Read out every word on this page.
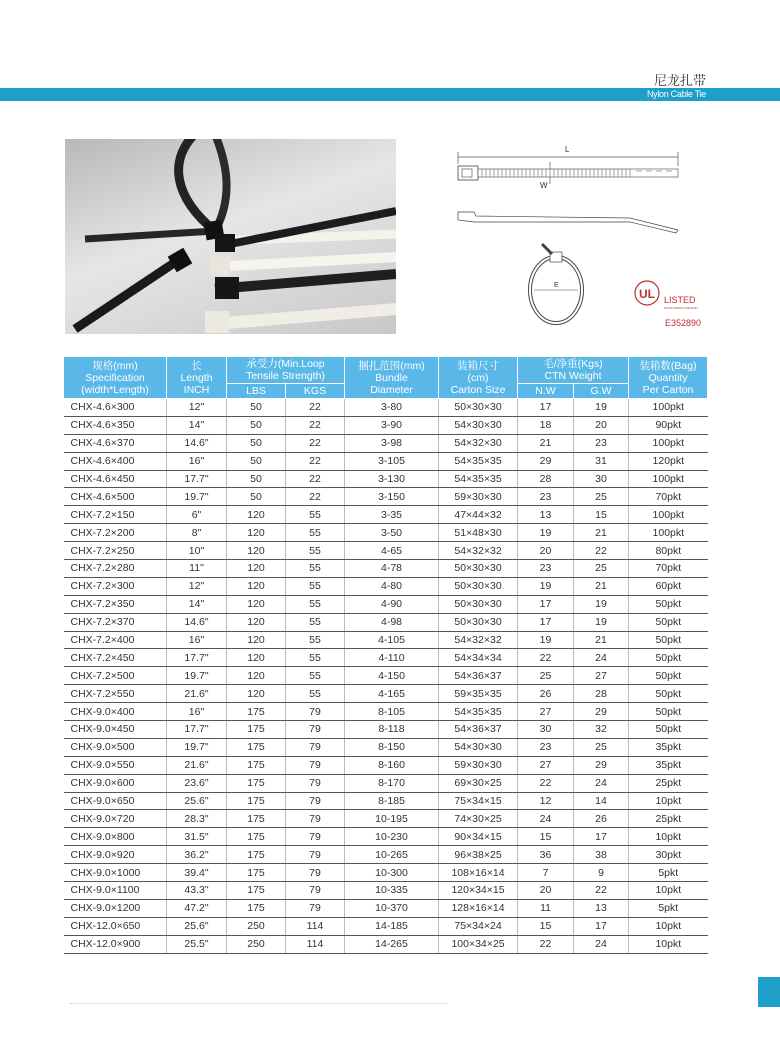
尼龙扎带
Nylon Cable Tie
L
W
E
UL LISTED
(POSITIONING DEVICE)
E352890
规格(mm)
Specification
(width*Length)	长
Length
INCH	承受力(Min.Loop
Tensile Strength)		捆扎范围(mm)
Bundle
Diameter	装箱尺寸
(cm)
Carton Size	毛/净重(Kgs)
CTN Weight		装箱数(Bag)
Quantity
Per Carton
		LBS	KGS			N.W	G.W	
CHX-4.6×300	12"	50	22	3-80	50×30×30	17	19	100pkt
CHX-4.6×350	14"	50	22	3-90	54×30×30	18	20	90pkt
CHX-4.6×370	14.6"	50	22	3-98	54×32×30	21	23	100pkt
CHX-4.6×400	16"	50	22	3-105	54×35×35	29	31	120pkt
CHX-4.6×450	17.7"	50	22	3-130	54×35×35	28	30	100pkt
CHX-4.6×500	19.7"	50	22	3-150	59×30×30	23	25	70pkt
CHX-7.2×150	6"	120	55	3-35	47×44×32	13	15	100pkt
CHX-7.2×200	8"	120	55	3-50	51×48×30	19	21	100pkt
CHX-7.2×250	10"	120	55	4-65	54×32×32	20	22	80pkt
CHX-7.2×280	11"	120	55	4-78	50×30×30	23	25	70pkt
CHX-7.2×300	12"	120	55	4-80	50×30×30	19	21	60pkt
CHX-7.2×350	14"	120	55	4-90	50×30×30	17	19	50pkt
CHX-7.2×370	14.6"	120	55	4-98	50×30×30	17	19	50pkt
CHX-7.2×400	16"	120	55	4-105	54×32×32	19	21	50pkt
CHX-7.2×450	17.7"	120	55	4-110	54×34×34	22	24	50pkt
CHX-7.2×500	19.7"	120	55	4-150	54×36×37	25	27	50pkt
CHX-7.2×550	21.6"	120	55	4-165	59×35×35	26	28	50pkt
CHX-9.0×400	16"	175	79	8-105	54×35×35	27	29	50pkt
CHX-9.0×450	17.7"	175	79	8-118	54×36×37	30	32	50pkt
CHX-9.0×500	19.7"	175	79	8-150	54×30×30	23	25	35pkt
CHX-9.0×550	21.6"	175	79	8-160	59×30×30	27	29	35pkt
CHX-9.0×600	23.6"	175	79	8-170	69×30×25	22	24	25pkt
CHX-9.0×650	25.6"	175	79	8-185	75×34×15	12	14	10pkt
CHX-9.0×720	28.3"	175	79	10-195	74×30×25	24	26	25pkt
CHX-9.0×800	31.5"	175	79	10-230	90×34×15	15	17	10pkt
CHX-9.0×920	36.2"	175	79	10-265	96×38×25	36	38	30pkt
CHX-9.0×1000	39.4"	175	79	10-300	108×16×14	7	9	5pkt
CHX-9.0×1100	43.3"	175	79	10-335	120×34×15	20	22	10pkt
CHX-9.0×1200	47.2"	175	79	10-370	128×16×14	11	13	5pkt
CHX-12.0×650	25.6"	250	114	14-185	75×34×24	15	17	10pkt
CHX-12.0×900	25.5"	250	114	14-265	100×34×25	22	24	10pkt
